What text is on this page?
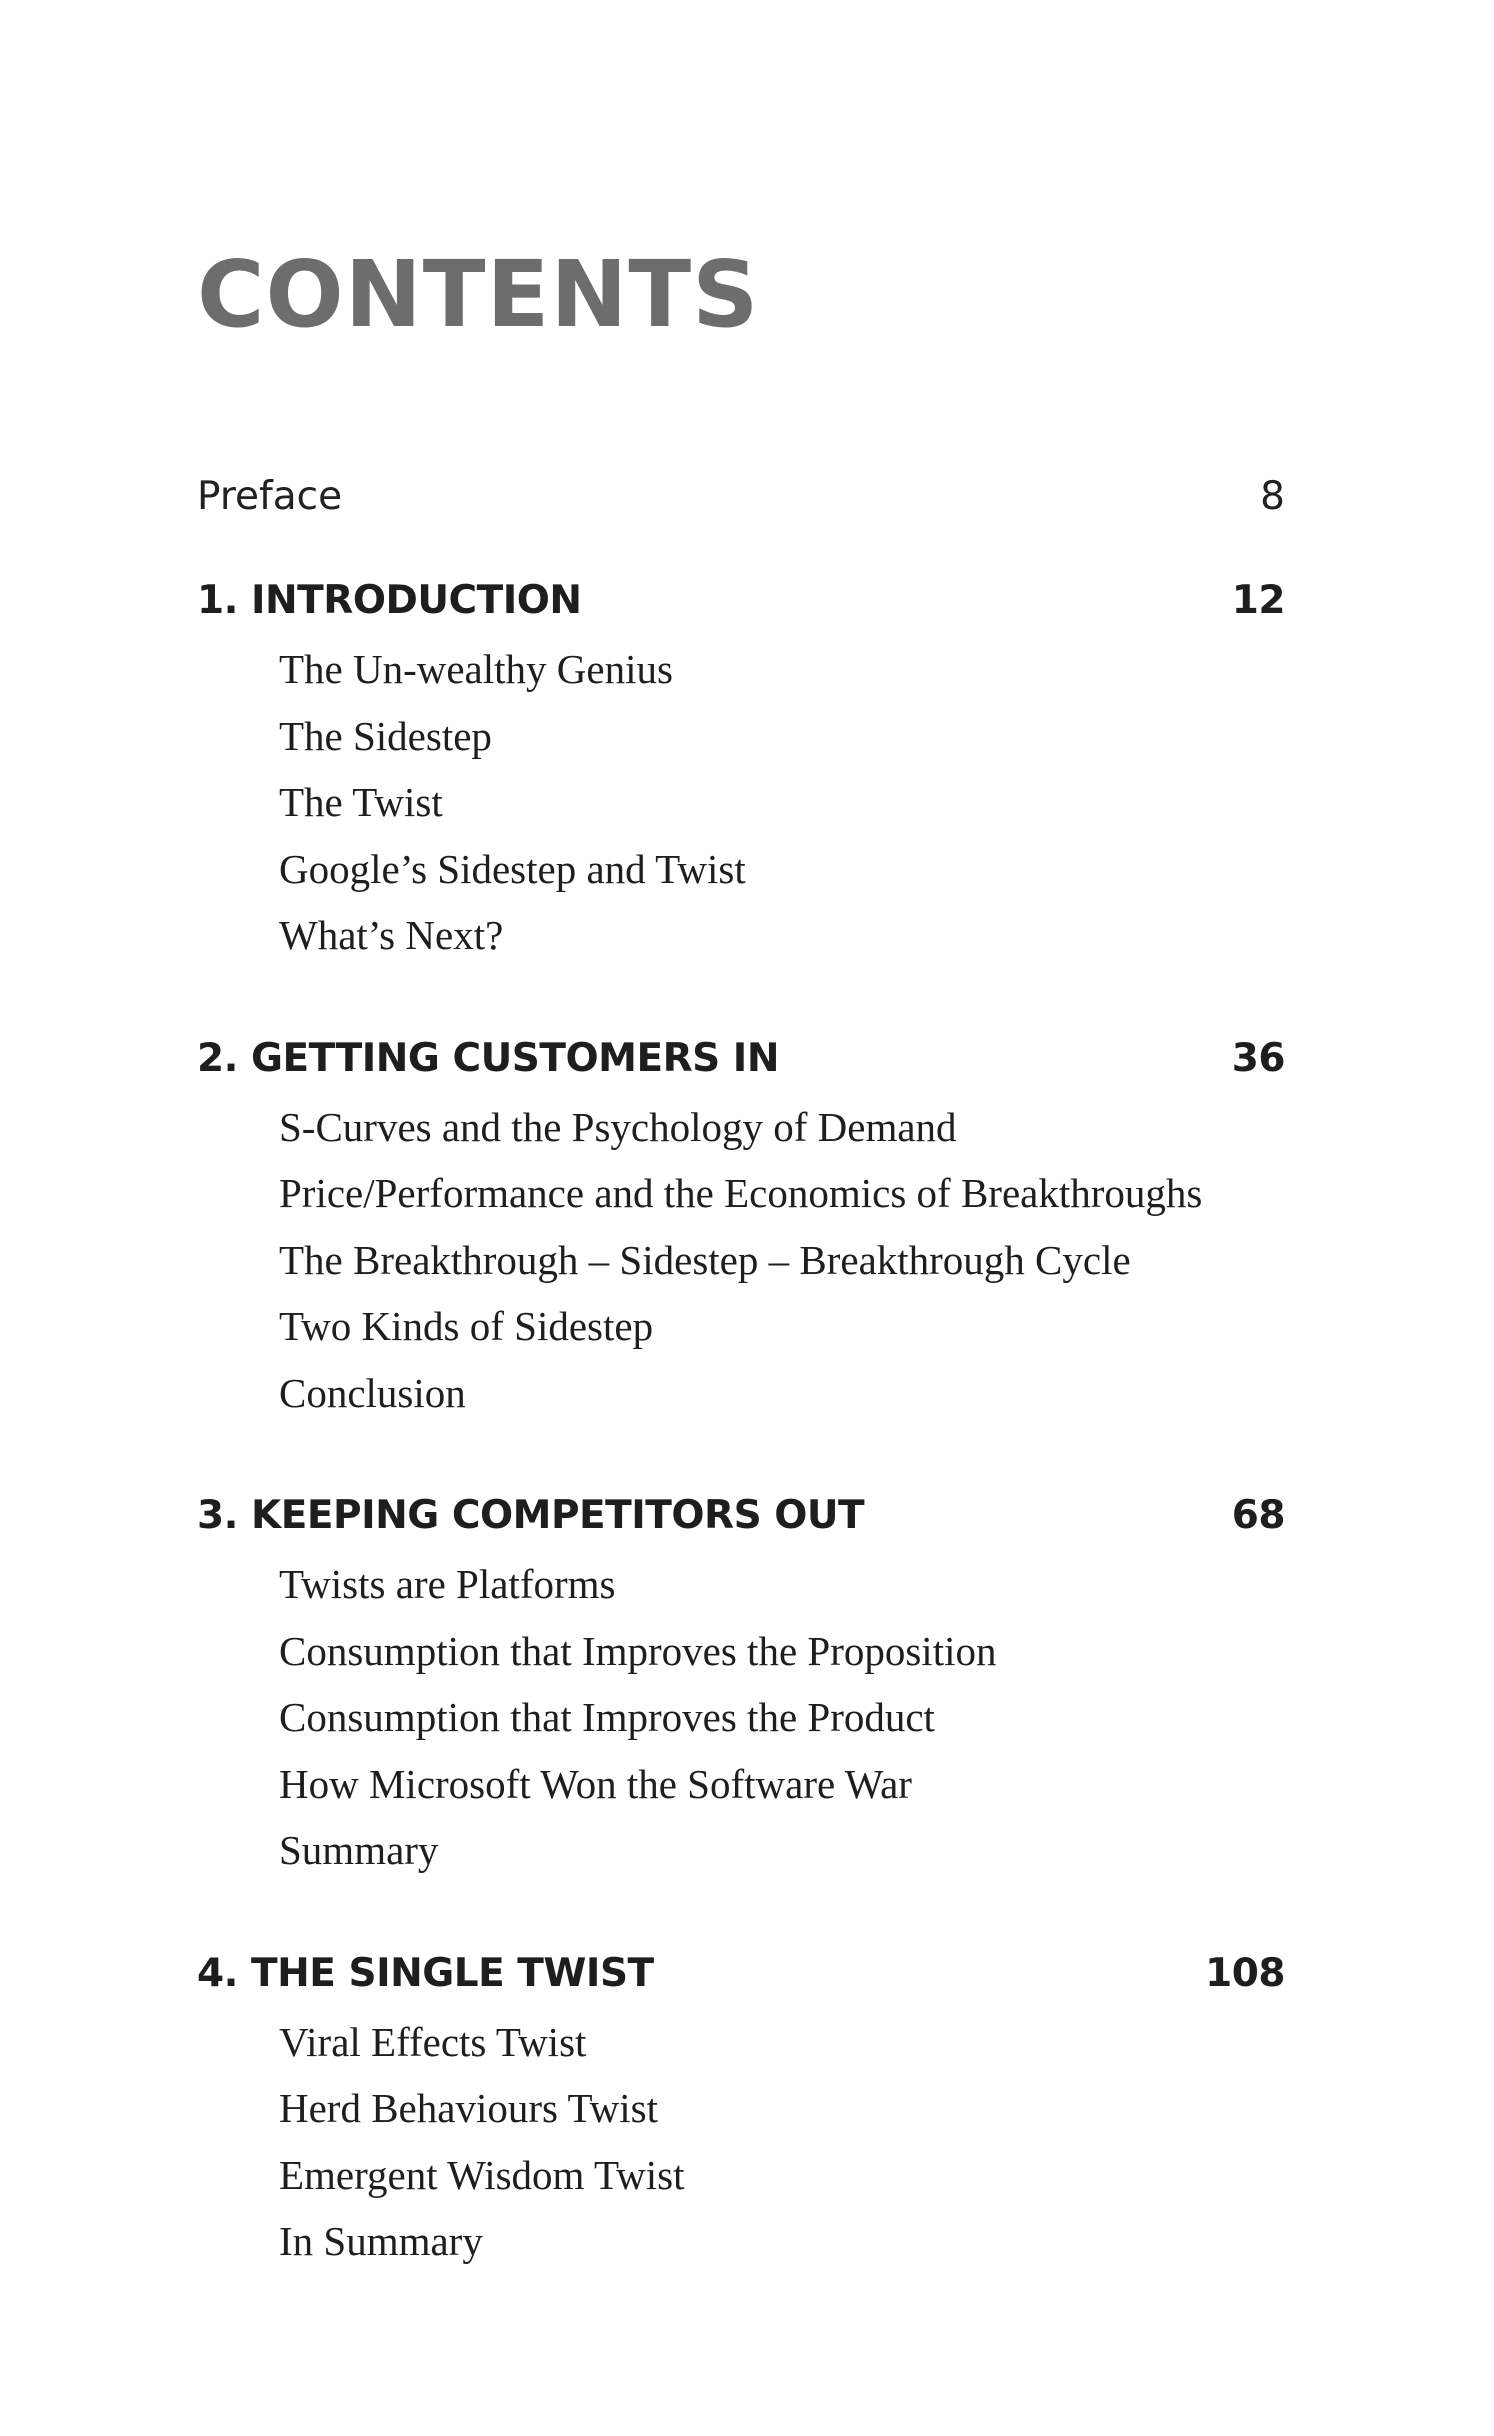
CONTENTS
Preface	8
1. INTRODUCTION	12
The Un-wealthy Genius
The Sidestep
The Twist
Google’s Sidestep and Twist
What’s Next?
2. GETTING CUSTOMERS IN	36
S-Curves and the Psychology of Demand
Price/Performance and the Economics of Breakthroughs
The Breakthrough – Sidestep – Breakthrough Cycle
Two Kinds of Sidestep
Conclusion
3. KEEPING COMPETITORS OUT	68
Twists are Platforms
Consumption that Improves the Proposition
Consumption that Improves the Product
How Microsoft Won the Software War
Summary
4. THE SINGLE TWIST	108
Viral Effects Twist
Herd Behaviours Twist
Emergent Wisdom Twist
In Summary
